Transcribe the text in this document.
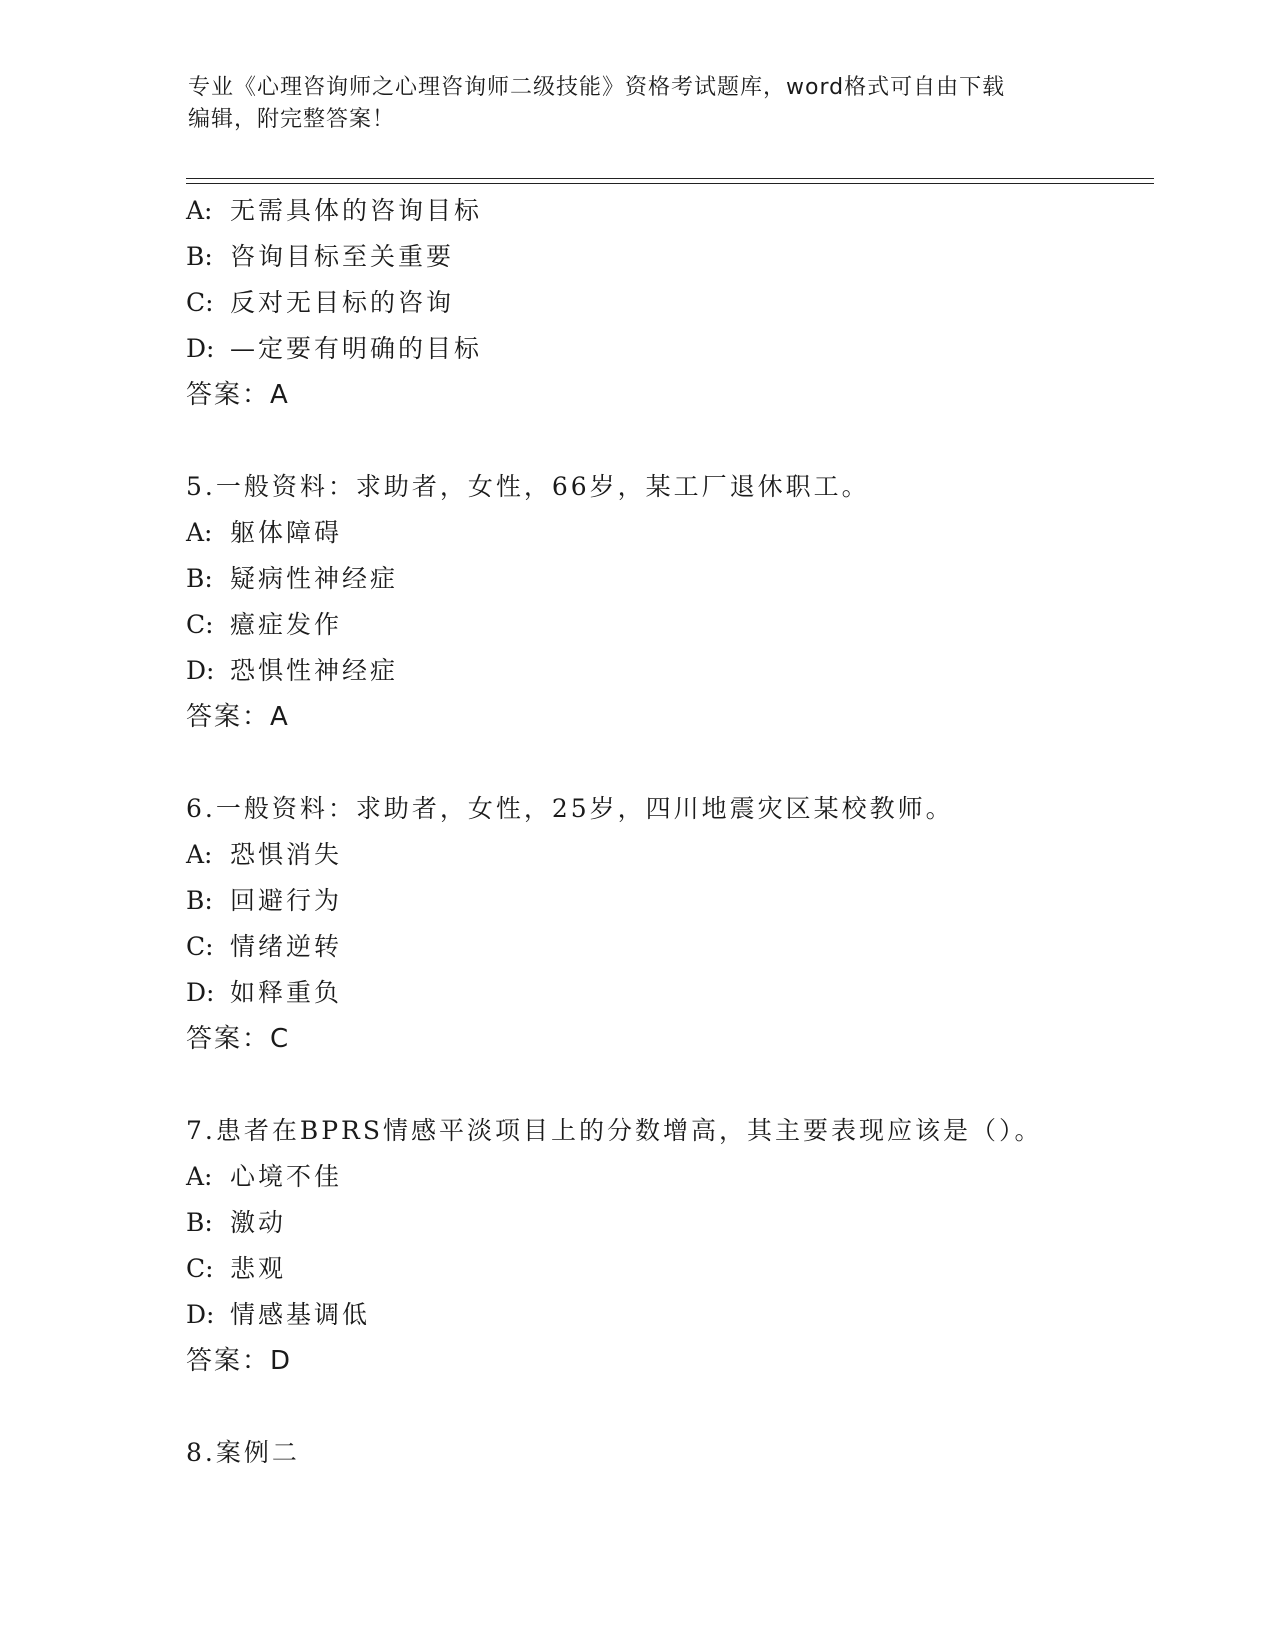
专业《心理咨询师之心理咨询师二级技能》资格考试题库，word格式可自由下载
编辑，附完整答案！
A: 无需具体的咨询目标
B: 咨询目标至关重要
C: 反对无目标的咨询
D: —定要有明确的目标
答案：A
5.一般资料：求助者，女性，66岁，某工厂退休职工。
A: 躯体障碍
B: 疑病性神经症
C: 癔症发作
D: 恐惧性神经症
答案：A
6.一般资料：求助者，女性，25岁，四川地震灾区某校教师。
A: 恐惧消失
B: 回避行为
C: 情绪逆转
D: 如释重负
答案：C
7.患者在BPRS情感平淡项目上的分数增高，其主要表现应该是（）。
A: 心境不佳
B: 激动
C: 悲观
D: 情感基调低
答案：D
8.案例二
